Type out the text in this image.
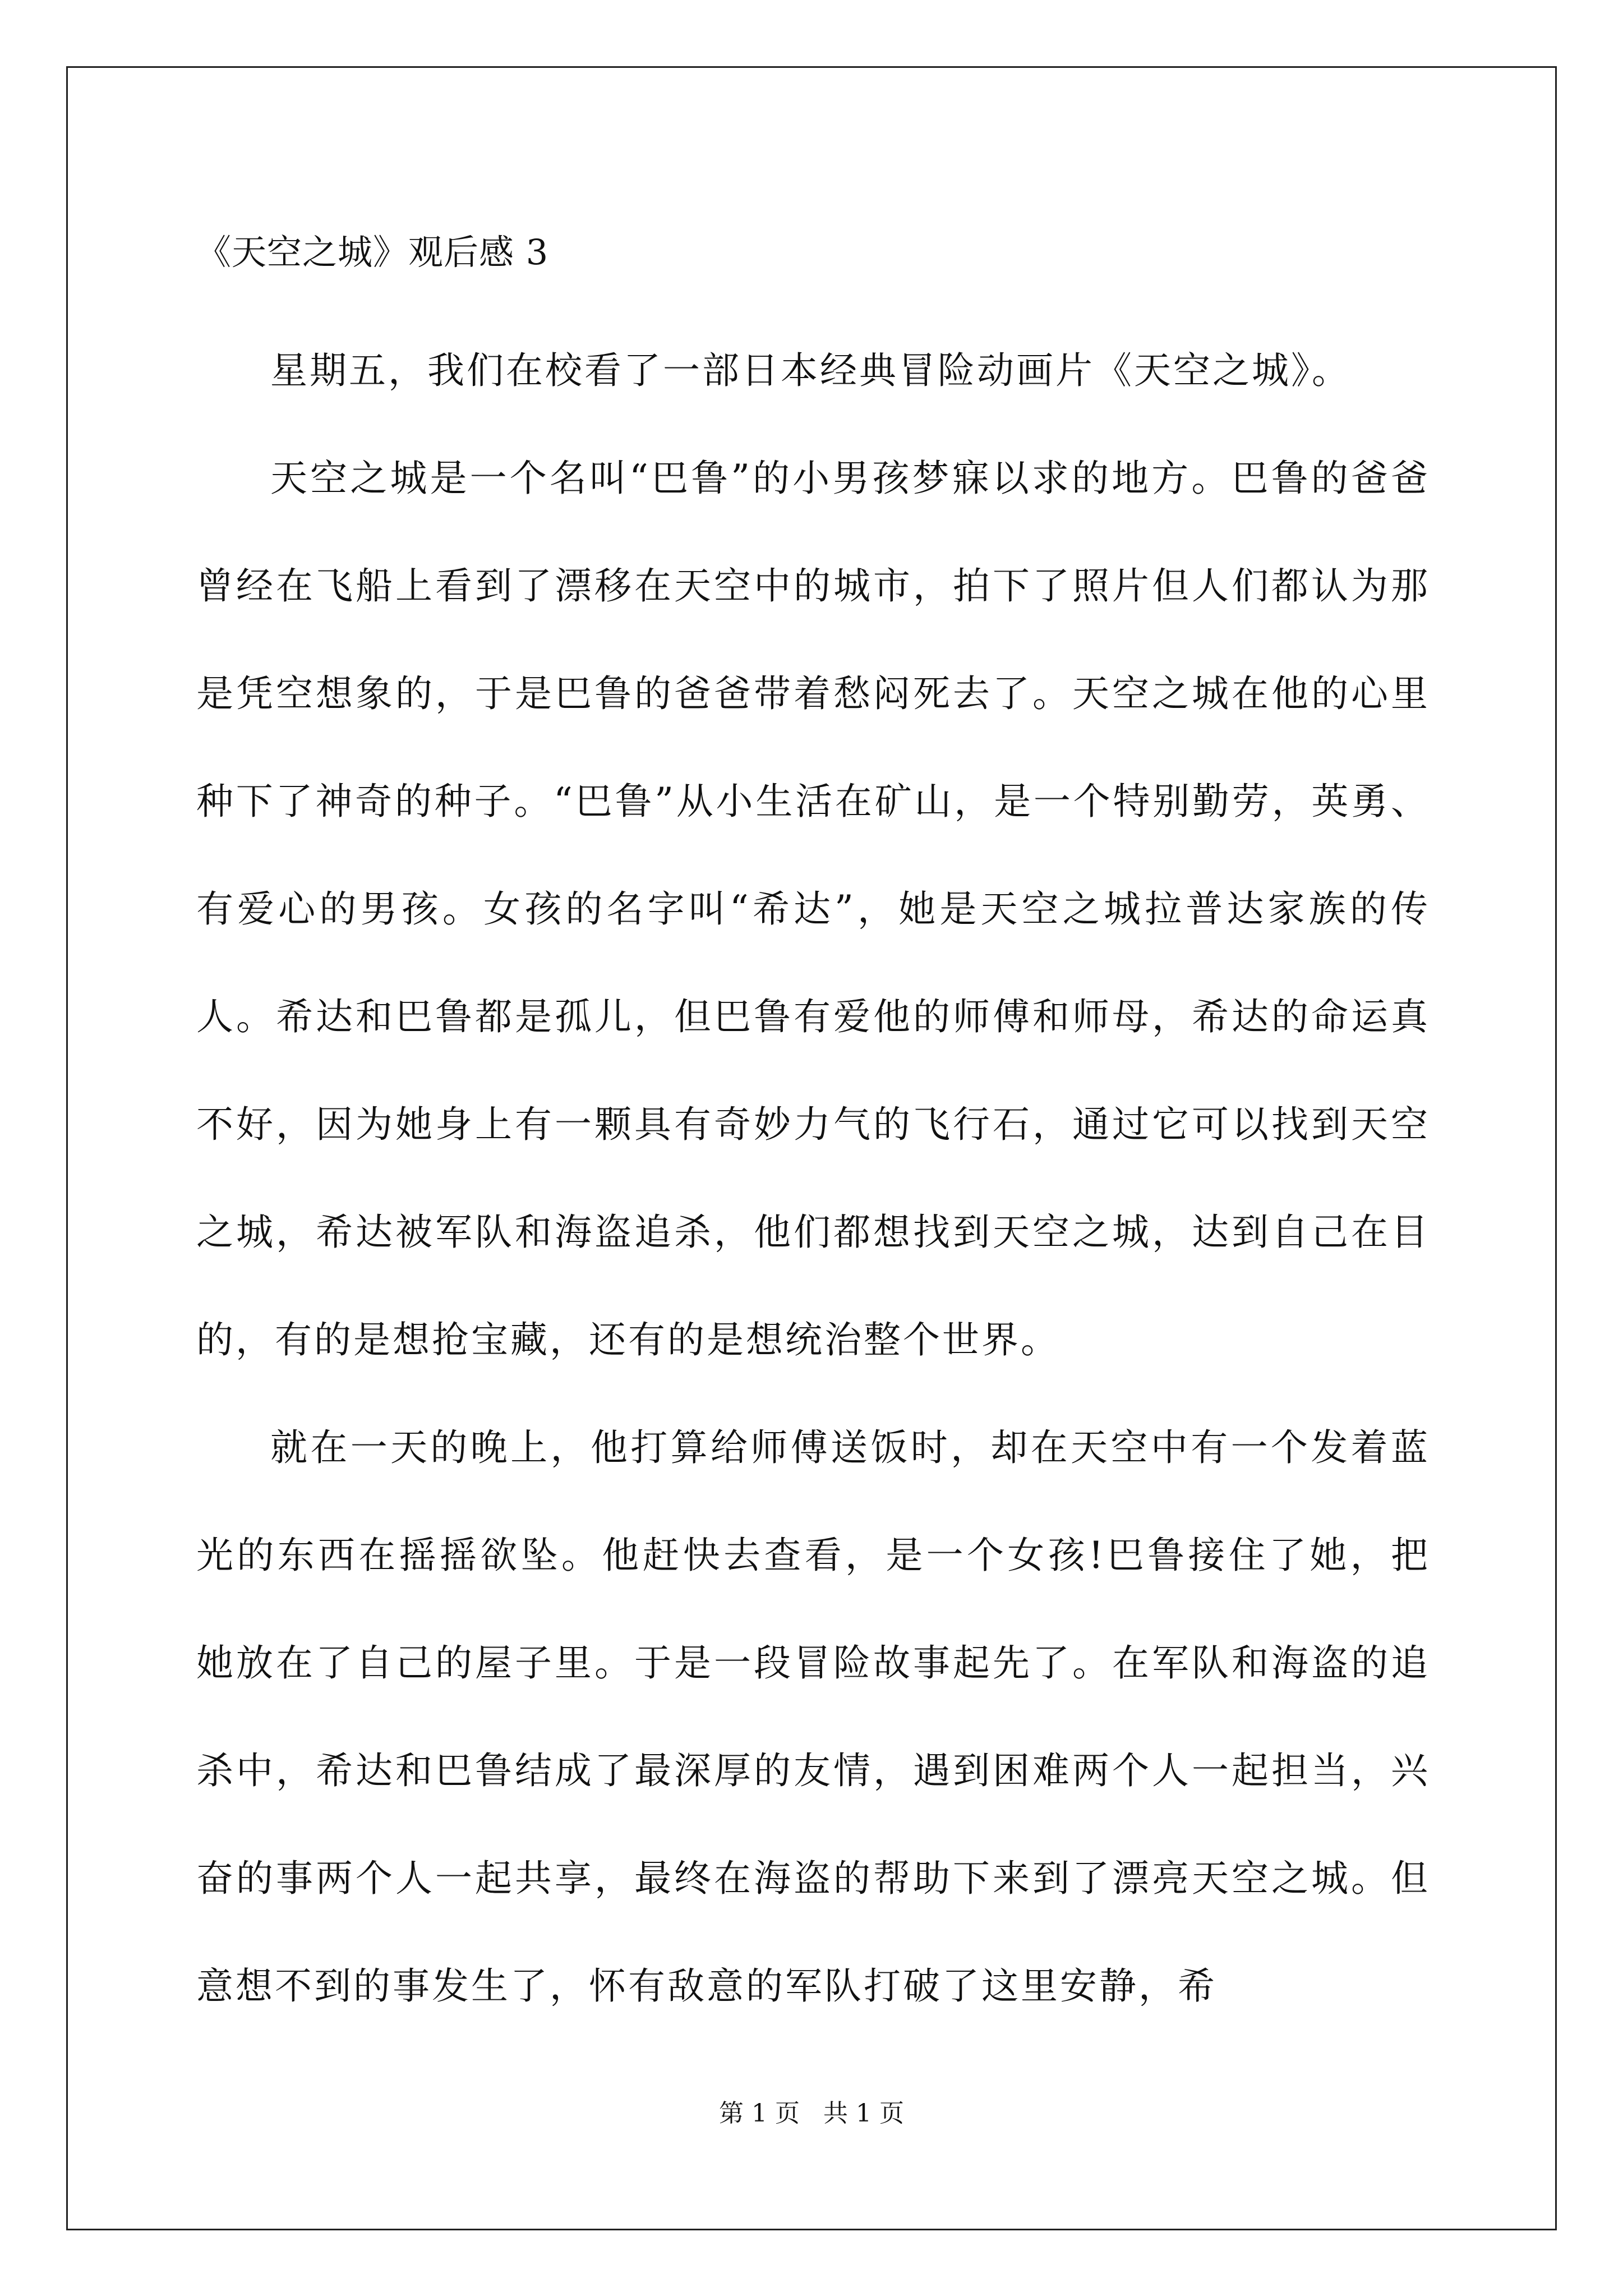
《天空之城》观后感 3

星期五，我们在校看了一部日本经典冒险动画片《天空之城》。

天空之城是一个名叫“巴鲁”的小男孩梦寐以求的地方。巴鲁的爸爸曾经在飞船上看到了漂移在天空中的城市，拍下了照片但人们都认为那是凭空想象的，于是巴鲁的爸爸带着愁闷死去了。天空之城在他的心里种下了神奇的种子。“巴鲁”从小生活在矿山，是一个特别勤劳，英勇、有爱心的男孩。女孩的名字叫“希达”，她是天空之城拉普达家族的传人。希达和巴鲁都是孤儿，但巴鲁有爱他的师傅和师母，希达的命运真不好，因为她身上有一颗具有奇妙力气的飞行石，通过它可以找到天空之城，希达被军队和海盗追杀，他们都想找到天空之城，达到自己在目的，有的是想抢宝藏，还有的是想统治整个世界。

就在一天的晚上，他打算给师傅送饭时，却在天空中有一个发着蓝光的东西在摇摇欲坠。他赶快去查看，是一个女孩!巴鲁接住了她，把她放在了自己的屋子里。于是一段冒险故事起先了。在军队和海盗的追杀中，希达和巴鲁结成了最深厚的友情，遇到困难两个人一起担当，兴奋的事两个人一起共享，最终在海盗的帮助下来到了漂亮天空之城。但意想不到的事发生了，怀有敌意的军队打破了这里安静，希

第 1 页   共 1 页
